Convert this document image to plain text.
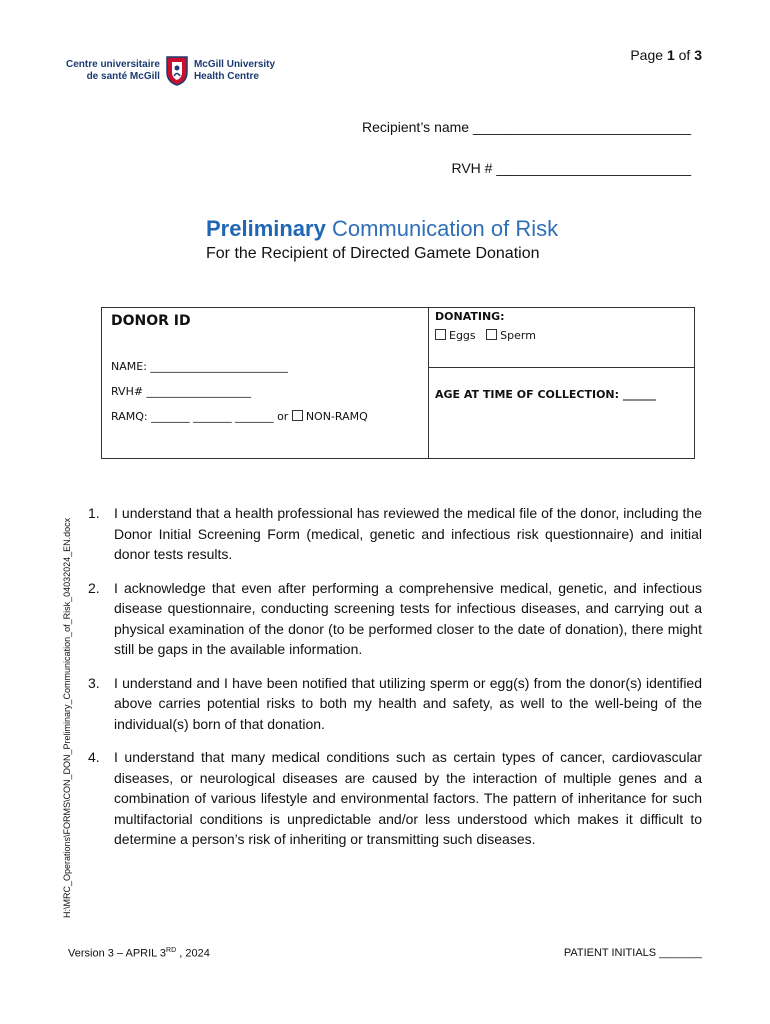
Page 1 of 3
Centre universitaire
de santé McGill
McGill University
Health Centre
Recipient’s name ____________________________
RVH # _________________________
Preliminary Communication of Risk
For the Recipient of Directed Gamete Donation
DONOR ID
NAME: _________________________
RVH# ___________________
RAMQ: _______ _______ _______ or NON-RAMQ
DONATING:
Eggs Sperm
AGE AT TIME OF COLLECTION: ______
H:\MRC_Operations\FORMS\CON_DON_Preliminary_Communication_of_Risk_04032024_EN.docx
1. I understand that a health professional has reviewed the medical file of the donor, including the Donor Initial Screening Form (medical, genetic and infectious risk questionnaire) and initial donor tests results.
2. I acknowledge that even after performing a comprehensive medical, genetic, and infectious disease questionnaire, conducting screening tests for infectious diseases, and carrying out a physical examination of the donor (to be performed closer to the date of donation), there might still be gaps in the available information.
3. I understand and I have been notified that utilizing sperm or egg(s) from the donor(s) identified above carries potential risks to both my health and safety, as well to the well-being of the individual(s) born of that donation.
4. I understand that many medical conditions such as certain types of cancer, cardiovascular diseases, or neurological diseases are caused by the interaction of multiple genes and a combination of various lifestyle and environmental factors. The pattern of inheritance for such multifactorial conditions is unpredictable and/or less understood which makes it difficult to determine a person’s risk of inheriting or transmitting such diseases.
Version 3 – APRIL 3RD , 2024	PATIENT INITIALS _______
